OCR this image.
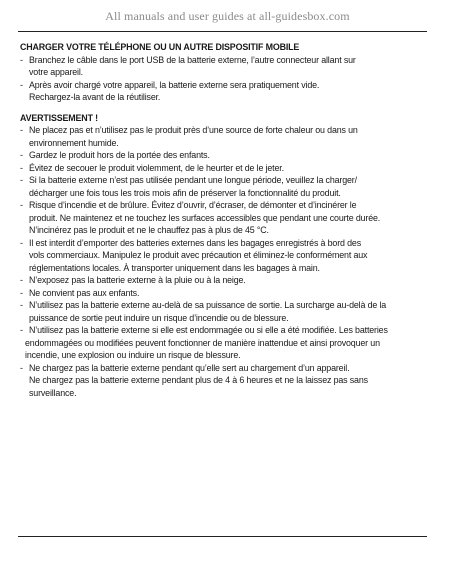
All manuals and user guides at all-guidesbox.com

CHARGER VOTRE TÉLÉPHONE OU UN AUTRE DISPOSITIF MOBILE

- Branchez le câble dans le port USB de la batterie externe, l’autre connecteur allant sur
votre appareil.
- Après avoir chargé votre appareil, la batterie externe sera pratiquement vide.
Rechargez-la avant de la réutiliser.

AVERTISSEMENT !

- Ne placez pas et n’utilisez pas le produit près d’une source de forte chaleur ou dans un
environnement humide.
- Gardez le produit hors de la portée des enfants.
- Évitez de secouer le produit violemment, de le heurter et de le jeter.
- Si la batterie externe n’est pas utilisée pendant une longue période, veuillez la charger/
décharger une fois tous les trois mois afin de préserver la fonctionnalité du produit.
- Risque d’incendie et de brûlure. Évitez d’ouvrir, d’écraser, de démonter et d’incinérer le
produit. Ne maintenez et ne touchez les surfaces accessibles que pendant une courte durée.
N’incinérez pas le produit et ne le chauffez pas à plus de 45 °C.
- Il est interdit d’emporter des batteries externes dans les bagages enregistrés à bord des
vols commerciaux. Manipulez le produit avec précaution et éliminez-le conformément aux
réglementations locales. À transporter uniquement dans les bagages à main.
- N’exposez pas la batterie externe à la pluie ou à la neige.
- Ne convient pas aux enfants.
- N’utilisez pas la batterie externe au-delà de sa puissance de sortie. La surcharge au-delà de la
puissance de sortie peut induire un risque d’incendie ou de blessure.
- N’utilisez pas la batterie externe si elle est endommagée ou si elle a été modifiée. Les batteries
endommagées ou modifiées peuvent fonctionner de manière inattendue et ainsi provoquer un
incendie, une explosion ou induire un risque de blessure.
- Ne chargez pas la batterie externe pendant qu’elle sert au chargement d’un appareil.
Ne chargez pas la batterie externe pendant plus de 4 à 6 heures et ne la laissez pas sans
surveillance.
